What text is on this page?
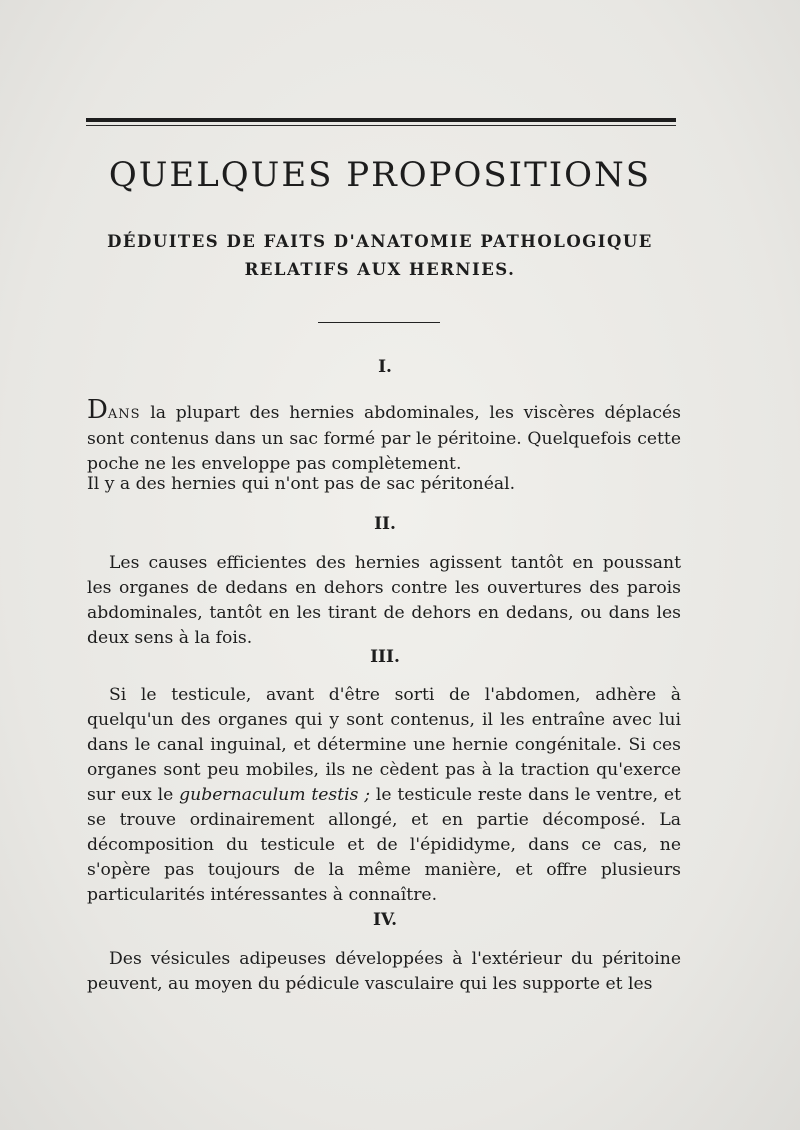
QUELQUES PROPOSITIONS
DÉDUITES DE FAITS D'ANATOMIE PATHOLOGIQUE
RELATIFS AUX HERNIES.

I.

DANS la plupart des hernies abdominales, les viscères déplacés sont contenus dans un sac formé par le péritoine. Quelquefois cette poche ne les enveloppe pas complètement.

Il y a des hernies qui n'ont pas de sac péritonéal.

II.

Les causes efficientes des hernies agissent tantôt en poussant les organes de dedans en dehors contre les ouvertures des parois abdominales, tantôt en les tirant de dehors en dedans, ou dans les deux sens à la fois.

III.

Si le testicule, avant d'être sorti de l'abdomen, adhère à quelqu'un des organes qui y sont contenus, il les entraîne avec lui dans le canal inguinal, et détermine une hernie congénitale. Si ces organes sont peu mobiles, ils ne cèdent pas à la traction qu'exerce sur eux le gubernaculum testis ; le testicule reste dans le ventre, et se trouve ordinairement allongé, et en partie décomposé. La décomposition du testicule et de l'épididyme, dans ce cas, ne s'opère pas toujours de la même manière, et offre plusieurs particularités intéressantes à connaître.

IV.

Des vésicules adipeuses développées à l'extérieur du péritoine peuvent, au moyen du pédicule vasculaire qui les supporte et les
